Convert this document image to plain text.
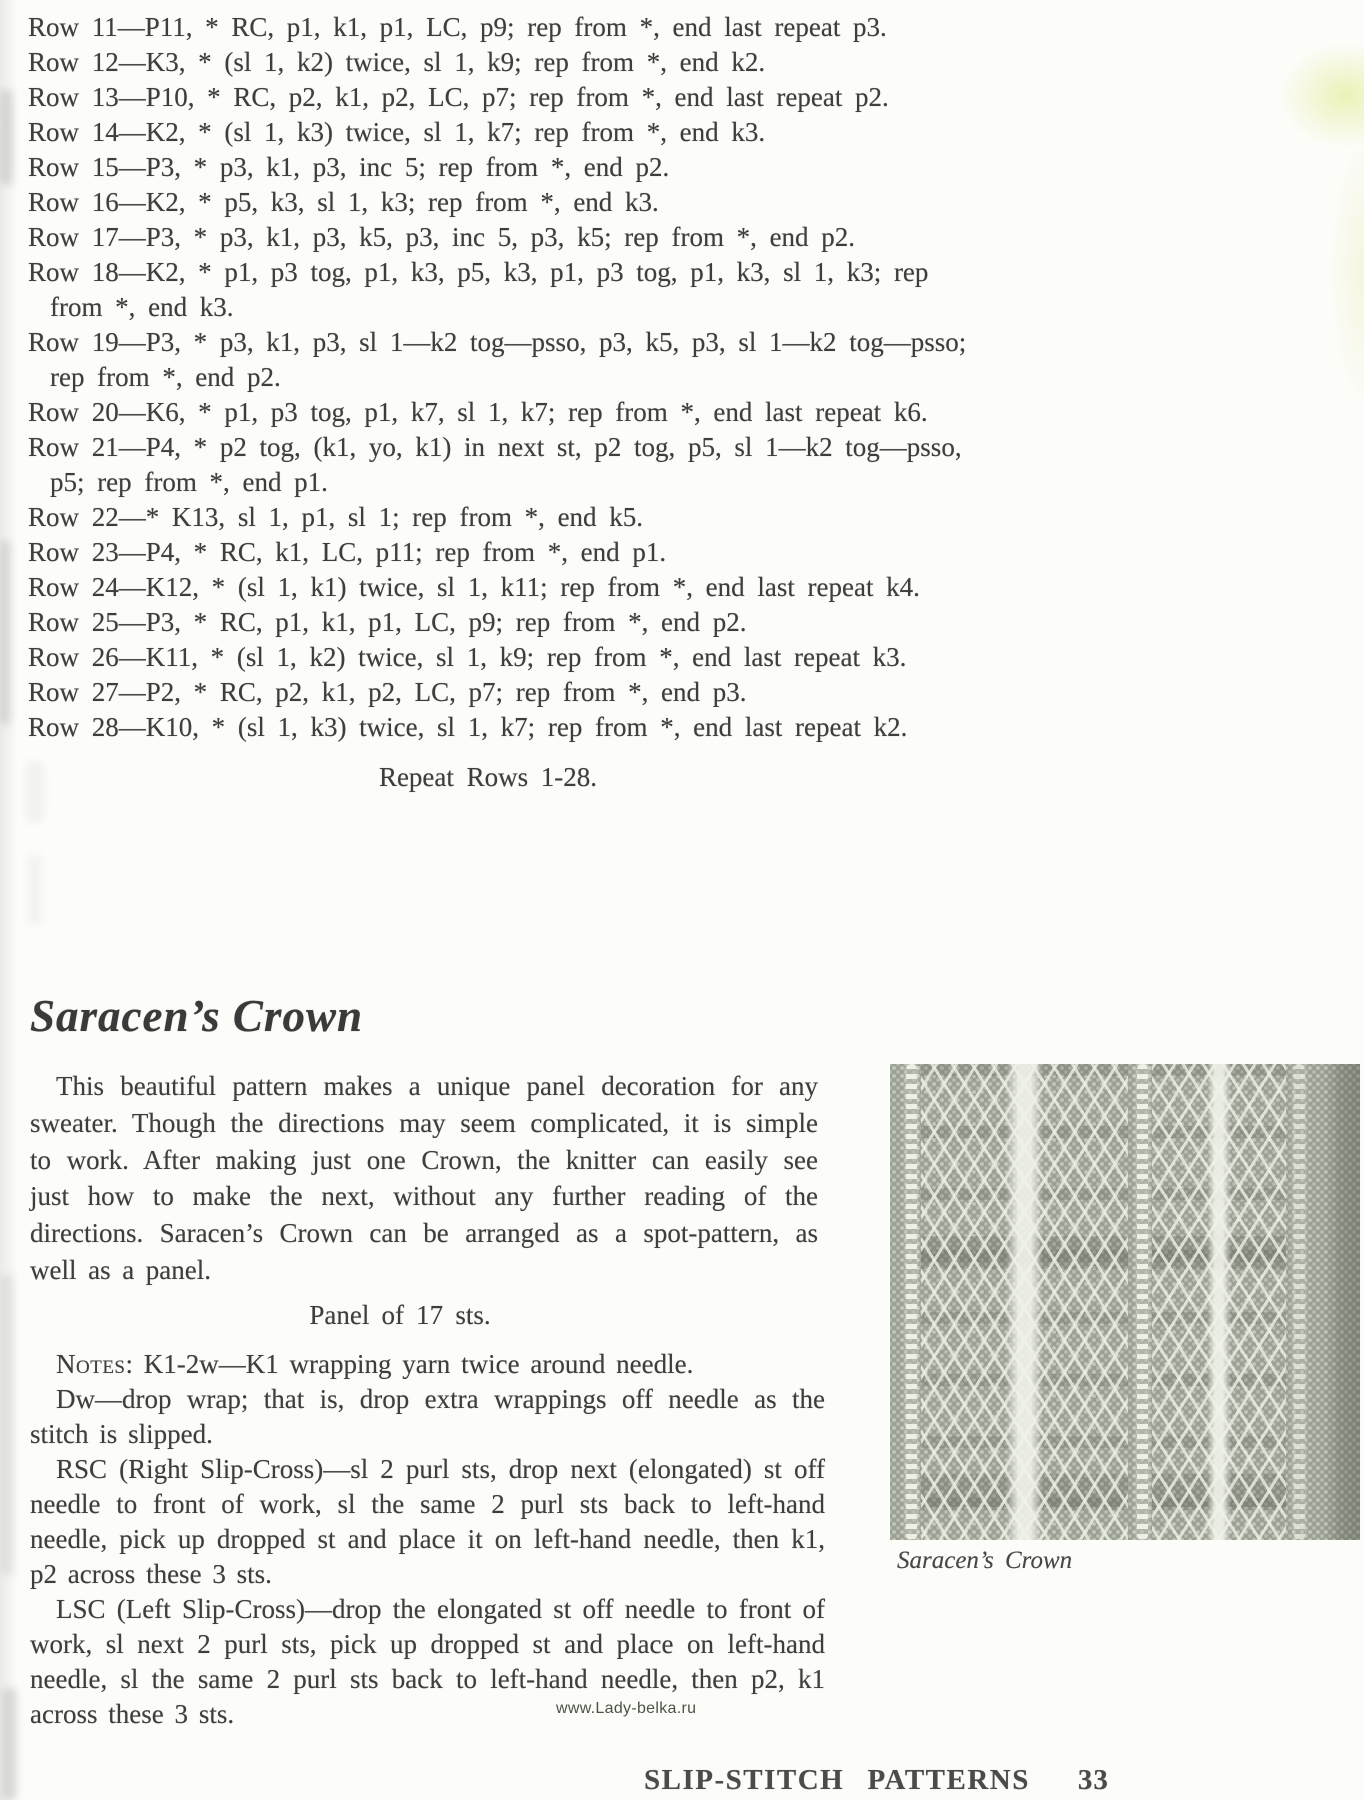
Row 11—P11, * RC, p1, k1, p1, LC, p9; rep from *, end last repeat p3.

Row 12—K3, * (sl 1, k2) twice, sl 1, k9; rep from *, end k2.

Row 13—P10, * RC, p2, k1, p2, LC, p7; rep from *, end last repeat p2.

Row 14—K2, * (sl 1, k3) twice, sl 1, k7; rep from *, end k3.

Row 15—P3, * p3, k1, p3, inc 5; rep from *, end p2.

Row 16—K2, * p5, k3, sl 1, k3; rep from *, end k3.

Row 17—P3, * p3, k1, p3, k5, p3, inc 5, p3, k5; rep from *, end p2.

Row 18—K2, * p1, p3 tog, p1, k3, p5, k3, p1, p3 tog, p1, k3, sl 1, k3; rep from *, end k3.

Row 19—P3, * p3, k1, p3, sl 1—k2 tog—psso, p3, k5, p3, sl 1—k2 tog—psso; rep from *, end p2.

Row 20—K6, * p1, p3 tog, p1, k7, sl 1, k7; rep from *, end last repeat k6.

Row 21—P4, * p2 tog, (k1, yo, k1) in next st, p2 tog, p5, sl 1—k2 tog—psso, p5; rep from *, end p1.

Row 22—* K13, sl 1, p1, sl 1; rep from *, end k5.

Row 23—P4, * RC, k1, LC, p11; rep from *, end p1.

Row 24—K12, * (sl 1, k1) twice, sl 1, k11; rep from *, end last repeat k4.

Row 25—P3, * RC, p1, k1, p1, LC, p9; rep from *, end p2.

Row 26—K11, * (sl 1, k2) twice, sl 1, k9; rep from *, end last repeat k3.

Row 27—P2, * RC, p2, k1, p2, LC, p7; rep from *, end p3.

Row 28—K10, * (sl 1, k3) twice, sl 1, k7; rep from *, end last repeat k2.

Repeat Rows 1-28.

Saracen’s Crown

This beautiful pattern makes a unique panel decoration for any sweater. Though the directions may seem complicated, it is simple to work. After making just one Crown, the knitter can easily see just how to make the next, without any further reading of the directions. Saracen’s Crown can be arranged as a spot-pattern, as well as a panel.

Panel of 17 sts.

Notes: K1-2w—K1 wrapping yarn twice around needle.

Dw—drop wrap; that is, drop extra wrappings off needle as the stitch is slipped.

RSC (Right Slip-Cross)—sl 2 purl sts, drop next (elongated) st off needle to front of work, sl the same 2 purl sts back to left-hand needle, pick up dropped st and place it on left-hand needle, then k1, p2 across these 3 sts.

LSC (Left Slip-Cross)—drop the elongated st off needle to front of work, sl next 2 purl sts, pick up dropped st and place on left-hand needle, sl the same 2 purl sts back to left-hand needle, then p2, k1 across these 3 sts.

Saracen’s Crown
www.Lady-belka.ru
SLIP-STITCH PATTERNS 33
